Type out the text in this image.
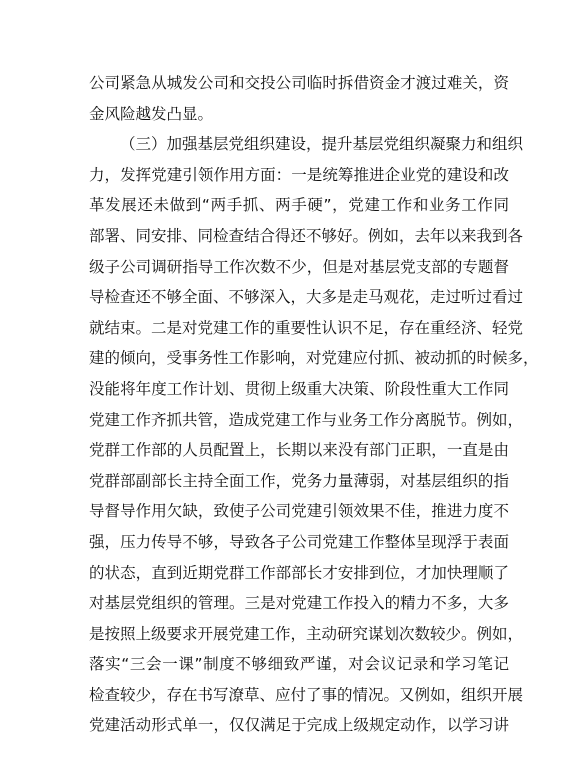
公司紧急从城发公司和交投公司临时拆借资金才渡过难关，资
金风险越发凸显。
（三）加强基层党组织建设，提升基层党组织凝聚力和组织
力，发挥党建引领作用方面：一是统筹推进企业党的建设和改
革发展还未做到“两手抓、两手硬”，党建工作和业务工作同
部署、同安排、同检查结合得还不够好。例如，去年以来我到各
级子公司调研指导工作次数不少，但是对基层党支部的专题督
导检查还不够全面、不够深入，大多是走马观花，走过听过看过
就结束。二是对党建工作的重要性认识不足，存在重经济、轻党
建的倾向，受事务性工作影响，对党建应付抓、被动抓的时候多，
没能将年度工作计划、贯彻上级重大决策、阶段性重大工作同
党建工作齐抓共管，造成党建工作与业务工作分离脱节。例如，
党群工作部的人员配置上，长期以来没有部门正职，一直是由
党群部副部长主持全面工作，党务力量薄弱，对基层组织的指
导督导作用欠缺，致使子公司党建引领效果不佳，推进力度不
强，压力传导不够，导致各子公司党建工作整体呈现浮于表面
的状态，直到近期党群工作部部长才安排到位，才加快理顺了
对基层党组织的管理。三是对党建工作投入的精力不多，大多
是按照上级要求开展党建工作，主动研究谋划次数较少。例如，
落实“三会一课”制度不够细致严谨，对会议记录和学习笔记
检查较少，存在书写潦草、应付了事的情况。又例如，组织开展
党建活动形式单一，仅仅满足于完成上级规定动作，以学习讲
